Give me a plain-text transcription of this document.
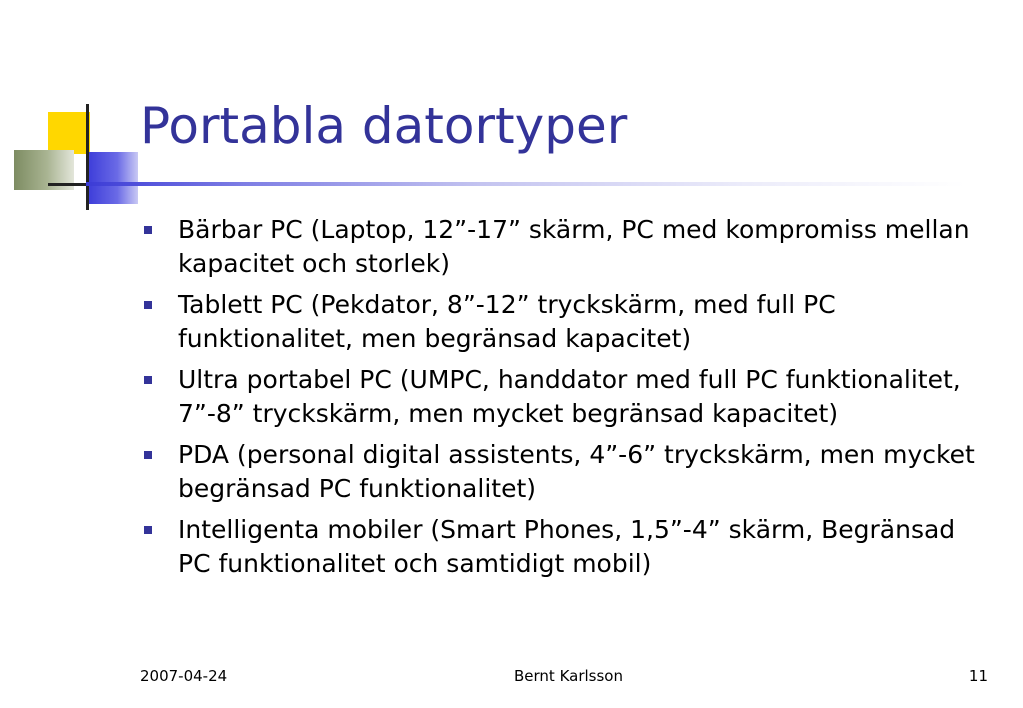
Portabla datortyper
Bärbar PC (Laptop, 12”-17” skärm, PC med kompromiss mellan kapacitet och storlek)
Tablett PC (Pekdator, 8”-12” tryckskärm, med full PC funktionalitet, men begränsad kapacitet)
Ultra portabel PC (UMPC, handdator med full PC funktionalitet, 7”-8” tryckskärm, men mycket begränsad kapacitet)
PDA (personal digital assistents, 4”-6” tryckskärm, men mycket begränsad PC funktionalitet)
Intelligenta mobiler (Smart Phones, 1,5”-4” skärm, Begränsad PC funktionalitet och samtidigt mobil)
2007-04-24	Bernt Karlsson	11
